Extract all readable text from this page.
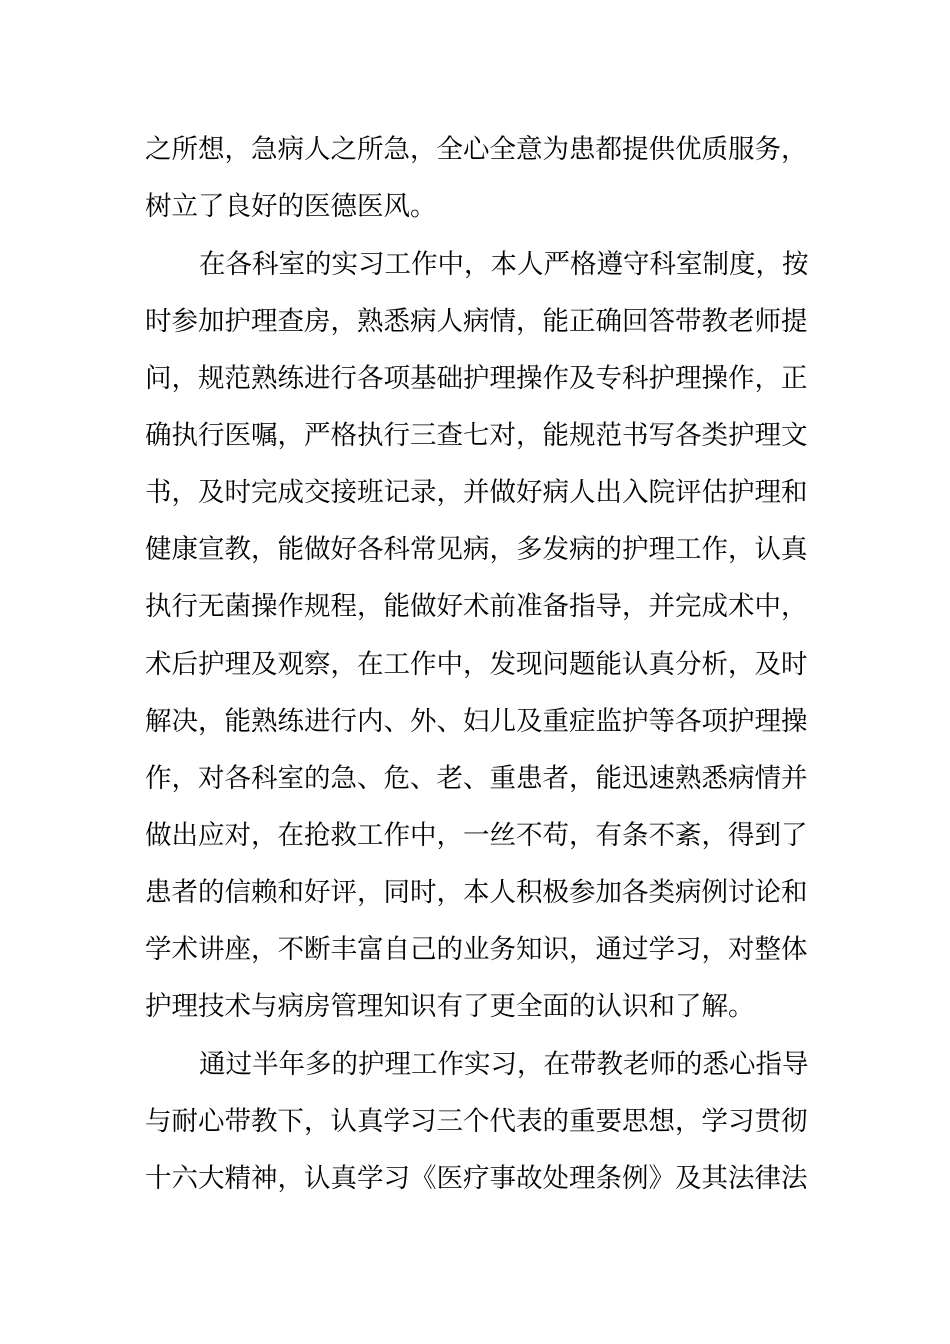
之所想，急病人之所急，全心全意为患都提供优质服务，
树立了良好的医德医风。
在各科室的实习工作中，本人严格遵守科室制度，按
时参加护理查房，熟悉病人病情，能正确回答带教老师提
问，规范熟练进行各项基础护理操作及专科护理操作，正
确执行医嘱，严格执行三查七对，能规范书写各类护理文
书，及时完成交接班记录，并做好病人出入院评估护理和
健康宣教，能做好各科常见病，多发病的护理工作，认真
执行无菌操作规程，能做好术前准备指导，并完成术中，
术后护理及观察，在工作中，发现问题能认真分析，及时
解决，能熟练进行内、外、妇儿及重症监护等各项护理操
作，对各科室的急、危、老、重患者，能迅速熟悉病情并
做出应对，在抢救工作中，一丝不苟，有条不紊，得到了
患者的信赖和好评，同时，本人积极参加各类病例讨论和
学术讲座，不断丰富自己的业务知识，通过学习，对整体
护理技术与病房管理知识有了更全面的认识和了解。
通过半年多的护理工作实习，在带教老师的悉心指导
与耐心带教下，认真学习三个代表的重要思想，学习贯彻
十六大精神，认真学习《医疗事故处理条例》及其法律法
